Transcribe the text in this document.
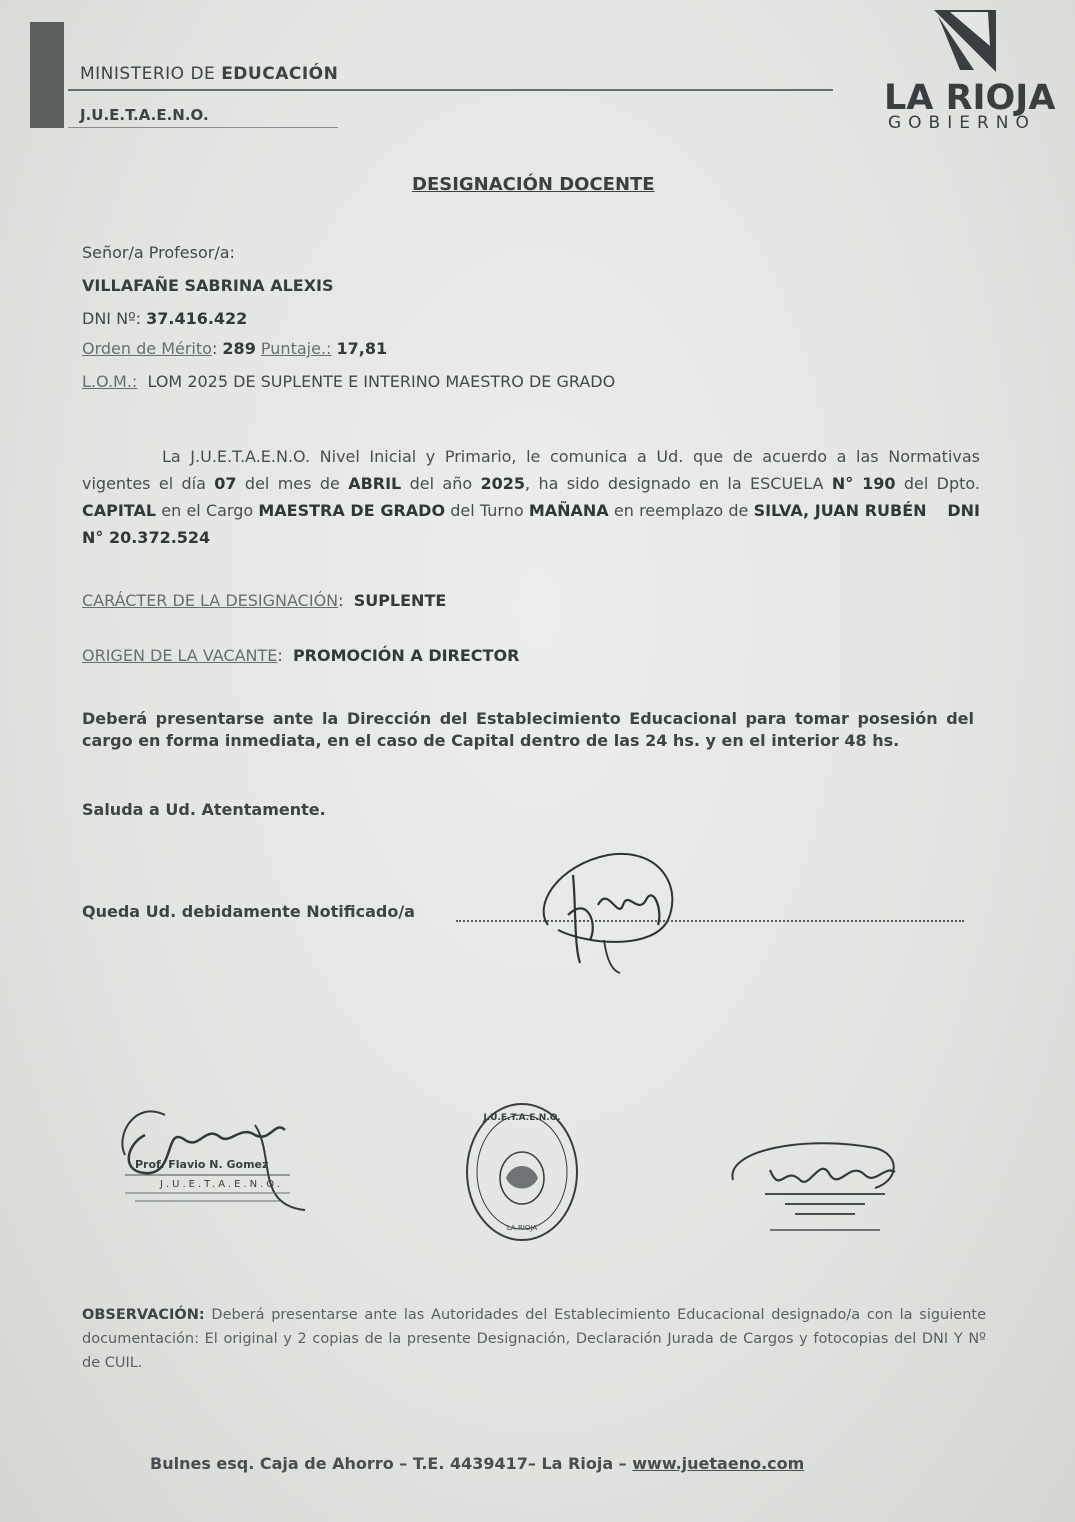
MINISTERIO DE EDUCACIÓN
J.U.E.T.A.E.N.O.	LA RIOJA
GOBIERNO
DESIGNACIÓN DOCENTE
Señor/a Profesor/a:
VILLAFAÑE SABRINA ALEXIS
DNI Nº: 37.416.422
Orden de Mérito: 289 Puntaje.: 17,81
L.O.M.: LOM 2025 DE SUPLENTE E INTERINO MAESTRO DE GRADO
La J.U.E.T.A.E.N.O. Nivel Inicial y Primario, le comunica a Ud. que de acuerdo a las Normativas vigentes el día 07 del mes de ABRIL del año 2025, ha sido designado en la ESCUELA N° 190 del Dpto. CAPITAL en el Cargo MAESTRA DE GRADO del Turno MAÑANA en reemplazo de SILVA, JUAN RUBÉN DNI N° 20.372.524
CARÁCTER DE LA DESIGNACIÓN:  SUPLENTE
ORIGEN DE LA VACANTE:  PROMOCIÓN A DIRECTOR
Deberá presentarse ante la Dirección del Establecimiento Educacional para tomar posesión del cargo en forma inmediata, en el caso de Capital dentro de las 24 hs. y en el interior 48 hs.
Saluda a Ud. Atentamente.
Queda Ud. debidamente Notificado/a
Prof. Flavio N. Gomez
J.U.E.T.A.E.N.O.
J.U.E.T.A.E.N.O.
LA RIOJA
OBSERVACIÓN: Deberá presentarse ante las Autoridades del Establecimiento Educacional designado/a con la siguiente documentación: El original y 2 copias de la presente Designación, Declaración Jurada de Cargos y fotocopias del DNI Y Nº de CUIL.
Bulnes esq. Caja de Ahorro – T.E. 4439417– La Rioja – www.juetaeno.com
